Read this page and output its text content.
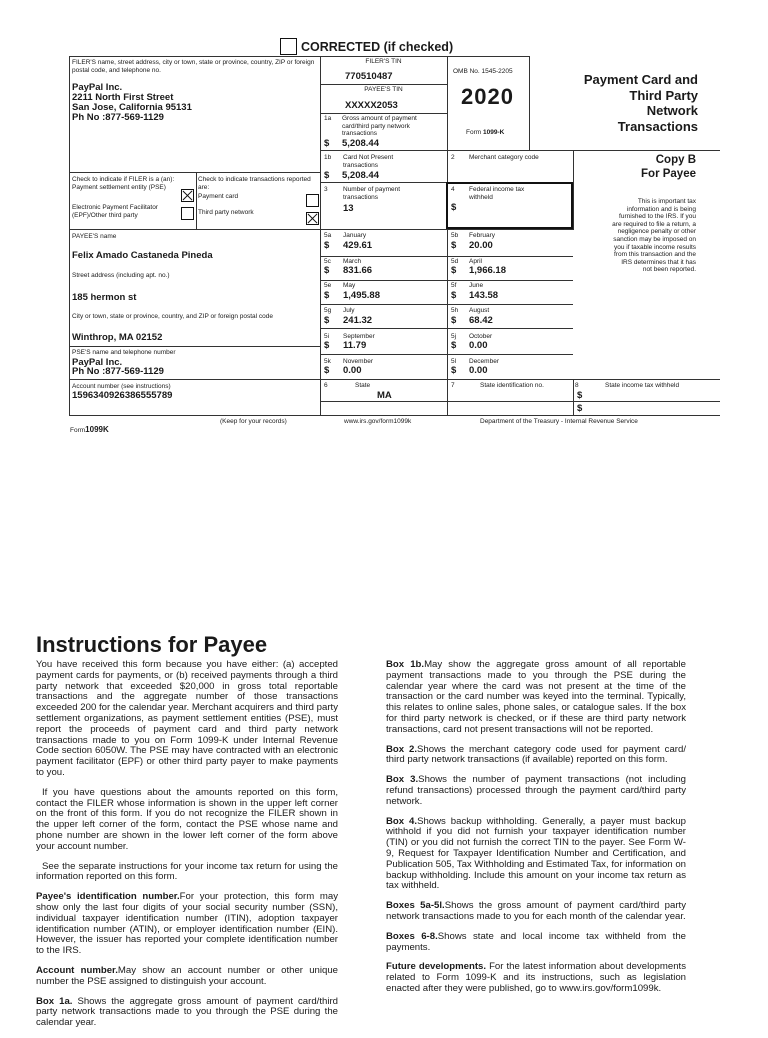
CORRECTED (if checked)
FILER'S name, street address, city or town, state or province, country, ZIP or foreign postal code, and telephone no.
PayPal Inc.
2211 North First Street
San Jose, California 95131
Ph No :877-569-1129
FILER'S TIN
770510487
PAYEE'S TIN
XXXXX2053
OMB No. 1545-2205
2020
Form 1099-K
Payment Card and
Third Party
Network
Transactions
1a Gross amount of payment card/third party network transactions
$ 5,208.44
1b Card Not Present transactions
$ 5,208.44
2 Merchant category code
3 Number of payment transactions
13
4 Federal income tax withheld
$
Copy B
For Payee
This is important tax information and is being furnished to the IRS. If you are required to file a return, a negligence penalty or other sanction may be imposed on you if taxable income results from this transaction and the IRS determines that it has not been reported.
Check to indicate if FILER is a (an):
Payment settlement entity (PSE)
Electronic Payment Facilitator (EPF)/Other third party
Check to indicate transactions reported are:
Payment card
Third party network
PAYEE'S name
Felix Amado Castaneda Pineda
Street address (including apt. no.)
185 hermon st
City or town, state or province, country, and ZIP or foreign postal code
Winthrop, MA 02152
PSE'S name and telephone number
PayPal Inc.
Ph No :877-569-1129
Account number (see instructions)
1596340926386555789
5a January
$ 429.61
5b February
$ 20.00
5c March
$ 831.66
5d April
$ 1,966.18
5e May
$ 1,495.88
5f June
$ 143.58
5g July
$ 241.32
5h August
$ 68.42
5i September
$ 11.79
5j October
$ 0.00
5k November
$ 0.00
5l December
$ 0.00
6	State
MA
7	State identification no.	8	State income tax withheld
$
$
(Keep for your records)	www.irs.gov/form1099k	Department of the Treasury - Internal Revenue Service
Form1099K
Instructions for Payee

You have received this form because you have either: (a) accepted payment cards for payments, or (b) received payments through a third party network that exceeded $20,000 in gross total reportable transactions and the aggregate number of those transactions exceeded 200 for the calendar year. Merchant acquirers and third party settlement organizations, as payment settlement entities (PSE), must report the proceeds of payment card and third party network transactions made to you on Form 1099-K under Internal Revenue Code section 6050W. The PSE may have contracted with an electronic payment facilitator (EPF) or other third party payer to make payments to you.

If you have questions about the amounts reported on this form, contact the FILER whose information is shown in the upper left corner on the front of this form. If you do not recognize the FILER shown in the upper left corner of the form, contact the PSE whose name and phone number are shown in the lower left corner of the form above your account number.

See the separate instructions for your income tax return for using the information reported on this form.

Payee's identification number.For your protection, this form may show only the last four digits of your social security number (SSN), individual taxpayer identification number (ITIN), adoption taxpayer identification number (ATIN), or employer identification number (EIN). However, the issuer has reported your complete identification number to the IRS.

Account number.May show an account number or other unique number the PSE assigned to distinguish your account.

Box 1a. Shows the aggregate gross amount of payment card/third party network transactions made to you through the PSE during the calendar year.

Box 1b.May show the aggregate gross amount of all reportable payment transactions made to you through the PSE during the calendar year where the card was not present at the time of the transaction or the card number was keyed into the terminal. Typically, this relates to online sales, phone sales, or catalogue sales. If the box for third party network is checked, or if these are third party network transactions, card not present transactions will not be reported.

Box 2.Shows the merchant category code used for payment card/ third party network transactions (if available) reported on this form.

Box 3.Shows the number of payment transactions (not including refund transactions) processed through the payment card/third party network.

Box 4.Shows backup withholding. Generally, a payer must backup withhold if you did not furnish your taxpayer identification number (TIN) or you did not furnish the correct TIN to the payer. See Form W-9, Request for Taxpayer Identification Number and Certification, and Publication 505, Tax Withholding and Estimated Tax, for information on backup withholding. Include this amount on your income tax return as tax withheld.

Boxes 5a-5l.Shows the gross amount of payment card/third party network transactions made to you for each month of the calendar year.

Boxes 6-8.Shows state and local income tax withheld from the payments.

Future developments. For the latest information about developments related to Form 1099-K and its instructions, such as legislation enacted after they were published, go to www.irs.gov/form1099k.
